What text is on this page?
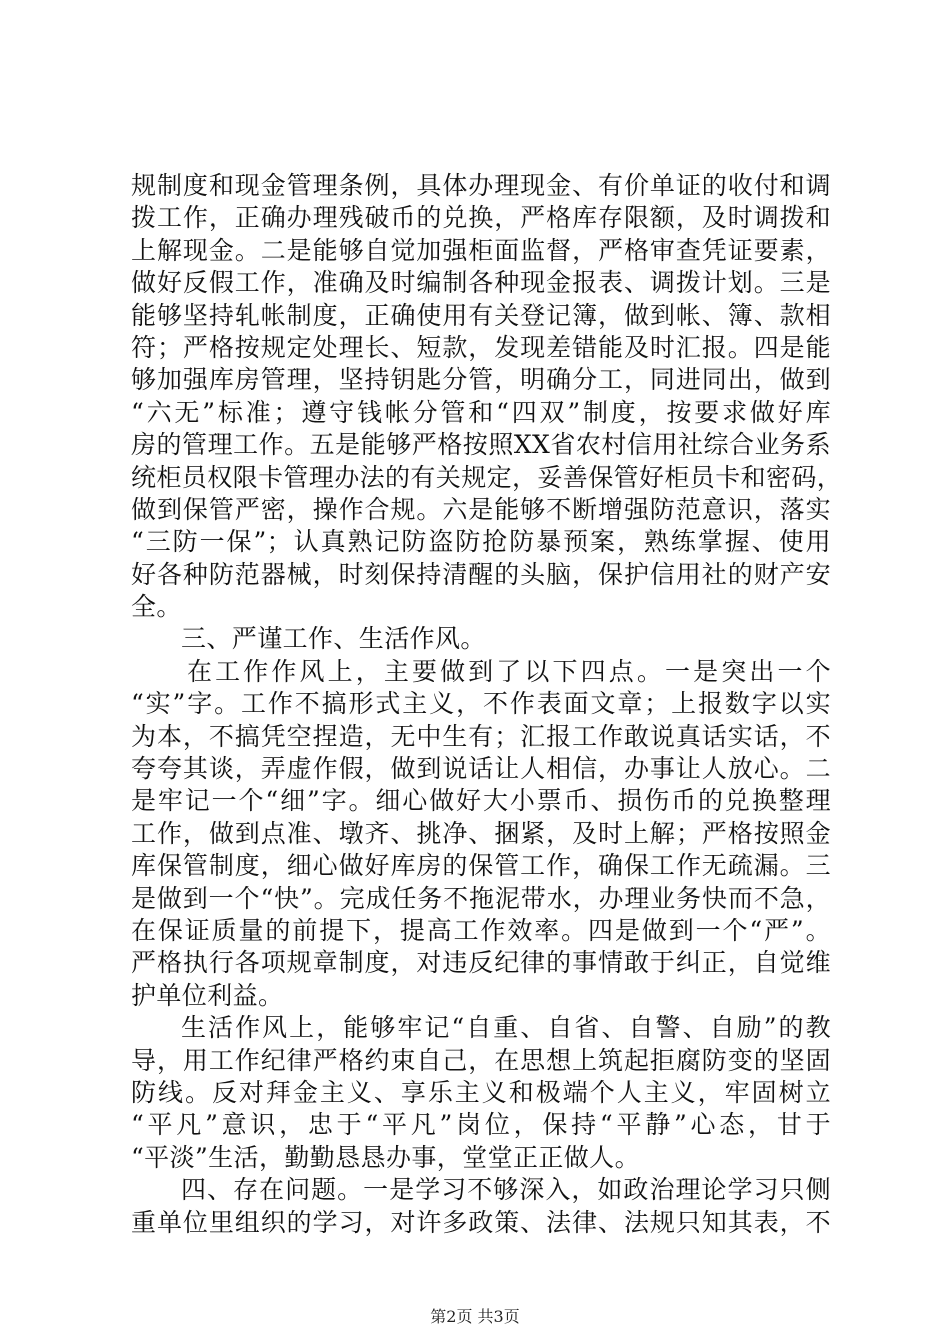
规制度和现金管理条例，具体办理现金、有价单证的收付和调
拨工作，正确办理残破币的兑换，严格库存限额，及时调拨和
上解现金。二是能够自觉加强柜面监督，严格审查凭证要素，
做好反假工作，准确及时编制各种现金报表、调拨计划。三是
能够坚持轧帐制度，正确使用有关登记簿，做到帐、簿、款相
符；严格按规定处理长、短款，发现差错能及时汇报。四是能
够加强库房管理，坚持钥匙分管，明确分工，同进同出，做到
“六无”标准；遵守钱帐分管和“四双”制度，按要求做好库
房的管理工作。五是能够严格按照XX省农村信用社综合业务系
统柜员权限卡管理办法的有关规定，妥善保管好柜员卡和密码，
做到保管严密，操作合规。六是能够不断增强防范意识，落实
“三防一保”；认真熟记防盗防抢防暴预案，熟练掌握、使用
好各种防范器械，时刻保持清醒的头脑，保护信用社的财产安
全。
三、严谨工作、生活作风。
在工作作风上，主要做到了以下四点。一是突出一个
“实”字。工作不搞形式主义，不作表面文章；上报数字以实
为本，不搞凭空捏造，无中生有；汇报工作敢说真话实话，不
夸夸其谈，弄虚作假，做到说话让人相信，办事让人放心。二
是牢记一个“细”字。细心做好大小票币、损伤币的兑换整理
工作，做到点准、墩齐、挑净、捆紧，及时上解；严格按照金
库保管制度，细心做好库房的保管工作，确保工作无疏漏。三
是做到一个“快”。完成任务不拖泥带水，办理业务快而不急，
在保证质量的前提下，提高工作效率。四是做到一个“严”。
严格执行各项规章制度，对违反纪律的事情敢于纠正，自觉维
护单位利益。
生活作风上，能够牢记“自重、自省、自警、自励”的教
导，用工作纪律严格约束自己，在思想上筑起拒腐防变的坚固
防线。反对拜金主义、享乐主义和极端个人主义，牢固树立
“平凡”意识，忠于“平凡”岗位，保持“平静”心态，甘于
“平淡”生活，勤勤恳恳办事，堂堂正正做人。
四、存在问题。一是学习不够深入，如政治理论学习只侧
重单位里组织的学习，对许多政策、法律、法规只知其表，不
第2页 共3页
